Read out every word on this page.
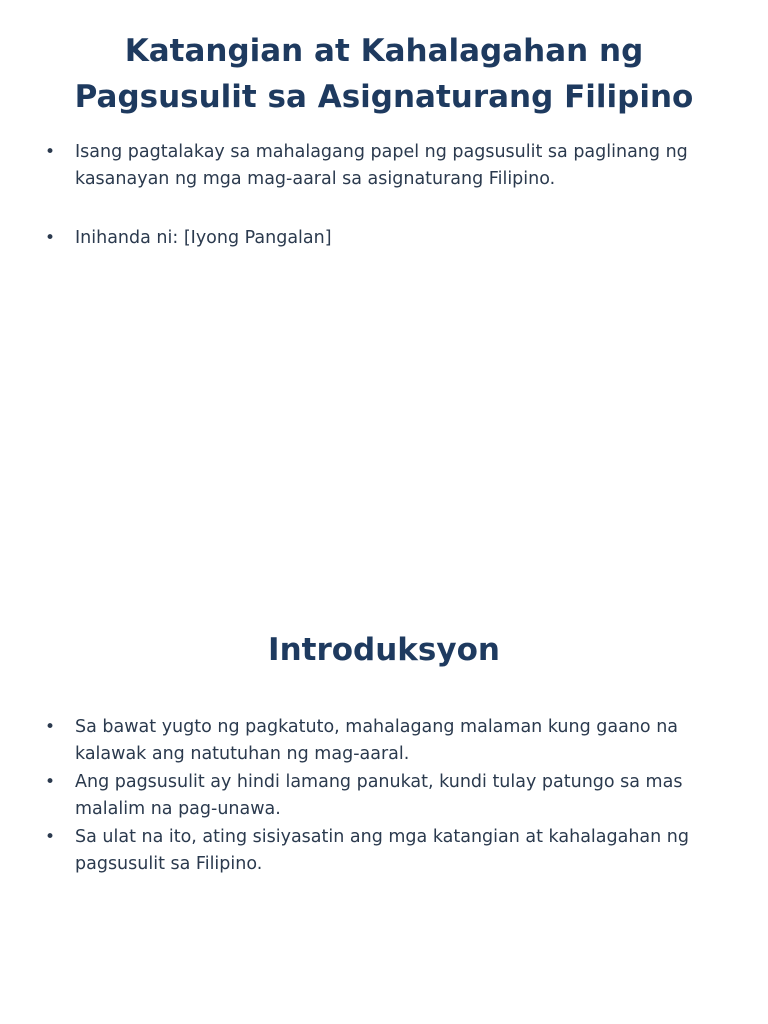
Katangian at Kahalagahan ng Pagsusulit sa Asignaturang Filipino
•	Isang pagtalakay sa mahalagang papel ng pagsusulit sa paglinang ng kasanayan ng mga mag-aaral sa asignaturang Filipino.
•	Inihanda ni: [Iyong Pangalan]
Introduksyon
•	Sa bawat yugto ng pagkatuto, mahalagang malaman kung gaano na kalawak ang natutuhan ng mag-aaral.
•	Ang pagsusulit ay hindi lamang panukat, kundi tulay patungo sa mas malalim na pag-unawa.
•	Sa ulat na ito, ating sisiyasatin ang mga katangian at kahalagahan ng pagsusulit sa Filipino.
